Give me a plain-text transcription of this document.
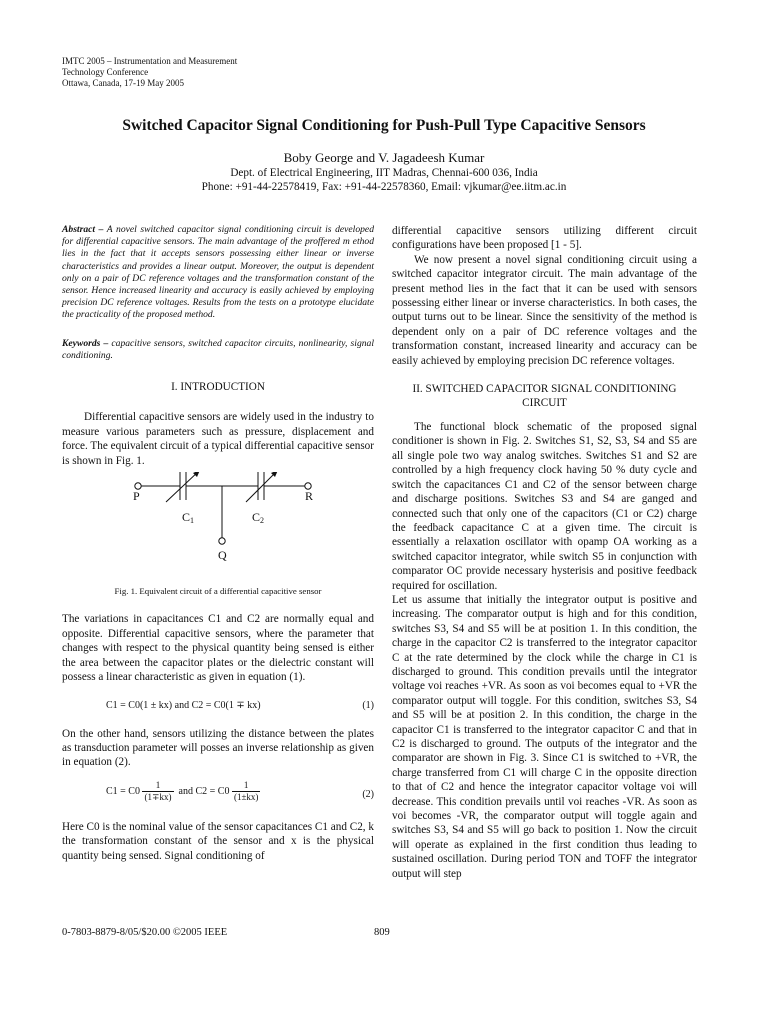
IMTC 2005 – Instrumentation and Measurement
Technology Conference
Ottawa, Canada, 17-19 May 2005
Switched Capacitor Signal Conditioning for Push-Pull Type Capacitive Sensors
Boby George and V. Jagadeesh Kumar
Dept. of Electrical Engineering, IIT Madras, Chennai-600 036, India
Phone: +91-44-22578419, Fax: +91-44-22578360, Email: vjkumar@ee.iitm.ac.in

Abstract – A novel switched capacitor signal conditioning circuit is developed for differential capacitive sensors. The main advantage of the proffered m ethod lies in the fact that it accepts sensors possessing either linear or inverse characteristics and provides a linear output. Moreover, the output is dependent only on a pair of DC reference voltages and the transformation constant of the sensor. Hence increased linearity and accuracy is easily achieved by employing precision DC reference voltages. Results from the tests on a prototype elucidate the practicality of the proposed method.

Keywords – capacitive sensors, switched capacitor circuits, nonlinearity, signal conditioning.

I. INTRODUCTION

Differential capacitive sensors are widely used in the industry to measure various parameters such as pressure, displacement and force. The equivalent circuit of a typical differential capacitive sensor is shown in Fig. 1.

P	R
Q
$C_1$	$C_2$
Fig. 1. Equivalent circuit of a differential capacitive sensor

The variations in capacitances C1 and C2 are normally equal and opposite. Differential capacitive sensors, where the parameter that changes with respect to the physical quantity being sensed is either the area between the capacitor plates or the dielectric constant will possess a linear characteristic as given in equation (1).

C1 = C0(1 ± kx) and C2 = C0(1 ∓ kx)	(1)

On the other hand, sensors utilizing the distance between the plates as transduction parameter will posses an inverse relationship as given in equation (2).

$C1 = C0 \frac{1}{(1\mp kx)}$ and $C2 = C0 \frac{1}{(1\pm kx)}$	(2)

Here C0 is the nominal value of the sensor capacitances C1 and C2, k the transformation constant of the sensor and x is the physical quantity being sensed. Signal conditioning of

differential capacitive sensors utilizing different circuit configurations have been proposed [1 - 5].

We now present a novel signal conditioning circuit using a switched capacitor integrator circuit. The main advantage of the present method lies in the fact that it can be used with sensors possessing either linear or inverse characteristics. In both cases, the output turns out to be linear. Since the sensitivity of the method is dependent only on a pair of DC reference voltages and the transformation constant, increased linearity and accuracy can be easily achieved by employing precision DC reference voltages.

II. SWITCHED CAPACITOR SIGNAL CONDITIONING
CIRCUIT

The functional block schematic of the proposed signal conditioner is shown in Fig. 2. Switches S1, S2, S3, S4 and S5 are all single pole two way analog switches. Switches S1 and S2 are controlled by a high frequency clock having 50 % duty cycle and switch the capacitances C1 and C2 of the sensor between charge and discharge positions. Switches S3 and S4 are ganged and connected such that only one of the capacitors (C1 or C2) charge the feedback capacitance C at a given time. The circuit is essentially a relaxation oscillator with opamp OA working as a switched capacitor integrator, while switch S5 in conjunction with comparator OC provide necessary hysterisis and positive feedback required for oscillation.

Let us assume that initially the integrator output is positive and increasing. The comparator output is high and for this condition, switches S3, S4 and S5 will be at position 1. In this condition, the charge in the capacitor C2 is transferred to the integrator capacitor C at the rate determined by the clock while the charge in C1 is discharged to ground. This condition prevails until the integrator voltage voi reaches +VR. As soon as voi becomes equal to +VR the comparator output will toggle. For this condition, switches S3, S4 and S5 will be at position 2. In this condition, the charge in the capacitor C1 is transferred to the integrator capacitor C and that in C2 is discharged to ground. The outputs of the integrator and the comparator are shown in Fig. 3. Since C1 is switched to +VR, the charge transferred from C1 will charge C in the opposite direction to that of C2 and hence the integrator capacitor voltage voi will decrease. This condition prevails until voi reaches -VR. As soon as voi becomes -VR, the comparator output will toggle again and switches S3, S4 and S5 will go back to position 1. Now the circuit will operate as explained in the first condition thus leading to sustained oscillation. During period TON and TOFF the integrator output will step

0-7803-8879-8/05/$20.00 ©2005 IEEE	809
